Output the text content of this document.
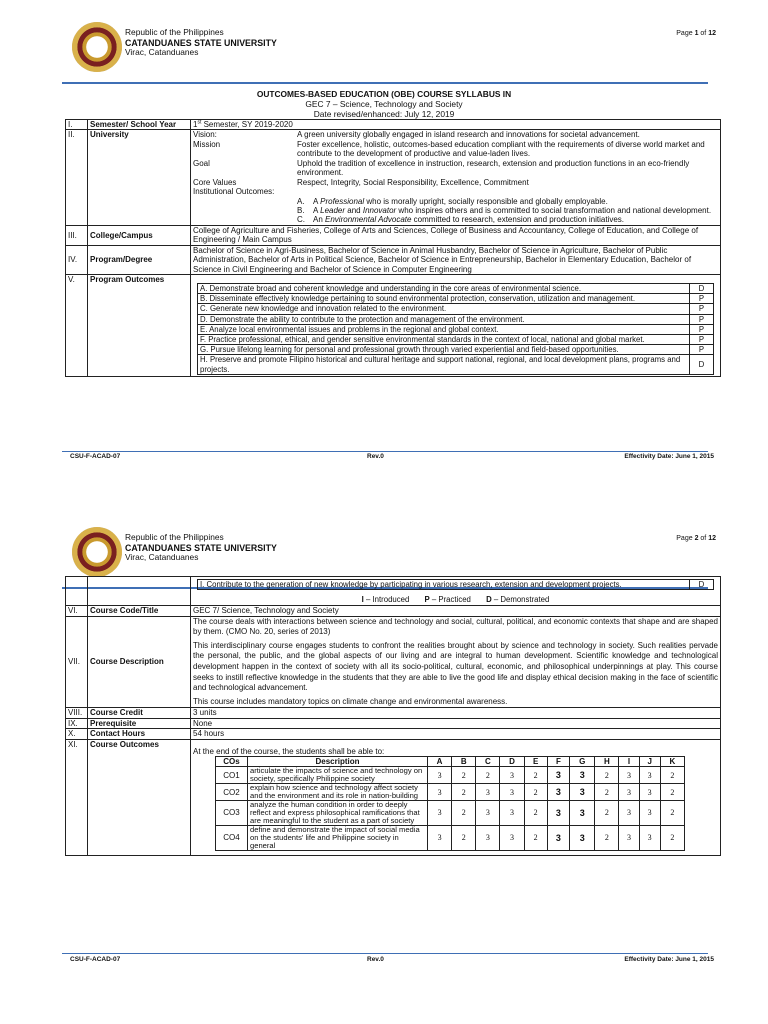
Republic of the Philippines
CATANDUANES STATE UNIVERSITY
Virac, Catanduanes
Page 1 of 12
OUTCOMES-BASED EDUCATION (OBE) COURSE SYLLABUS IN
GEC 7 – Science, Technology and Society
Date revised/enhanced: July 12, 2019
I.	Semester/ School Year	1st Semester, SY 2019-2020
II.	University	Vision:	A green university globally engaged in island research and innovations for societal advancement.
Mission	Foster excellence, holistic, outcomes-based education compliant with the requirements of diverse world market and contribute to the development of productive and value-laden lives.
Goal	Uphold the tradition of excellence in instruction, research, extension and production functions in an eco-friendly environment.
Core Values	Respect, Integrity, Social Responsibility, Excellence, Commitment
Institutional Outcomes:
A.	A Professional who is morally upright, socially responsible and globally employable.
B.	A Leader and Innovator who inspires others and is committed to social transformation and national development.
C.	An Environmental Advocate committed to research, extension and production initiatives.

III.	College/Campus	College of Agriculture and Fisheries, College of Arts and Sciences, College of Business and Accountancy, College of Education, and College of Engineering / Main Campus
IV.	Program/Degree	Bachelor of Science in Agri-Business, Bachelor of Science in Animal Husbandry, Bachelor of Science in Agriculture, Bachelor of Public Administration, Bachelor of Arts in Political Science, Bachelor of Science in Entrepreneurship, Bachelor in Elementary Education, Bachelor of Science in Civil Engineering and Bachelor of Science in Computer Engineering
V.	Program Outcomes	
A. Demonstrate broad and coherent knowledge and understanding in the core areas of environmental science.	D
B. Disseminate effectively knowledge pertaining to sound environmental protection, conservation, utilization and management.	P
C. Generate new knowledge and innovation related to the environment.	P
D. Demonstrate the ability to contribute to the protection and management of the environment.	P
E. Analyze local environmental issues and problems in the regional and global context.	P
F. Practice professional, ethical, and gender sensitive environmental standards in the context of local, national and global market.	P
G. Pursue lifelong learning for personal and professional growth through varied experiential and field-based opportunities.	P
H. Preserve and promote Filipino historical and cultural heritage and support national, regional, and local development plans, programs and projects.	D
CSU-F-ACAD-07	Rev.0	Effectivity Date: June 1, 2015
Republic of the Philippines
CATANDUANES STATE UNIVERSITY
Virac, Catanduanes
Page 2 of 12

I. Contribute to the generation of new knowledge by participating in various research, extension and development projects.	D
I – Introduced P – Practiced D – Demonstrated

VI.	Course Code/Title	GEC 7/ Science, Technology and Society
VII.	Course Description	
The course deals with interactions between science and technology and social, cultural, political, and economic contexts that shape and are shaped by them. (CMO No. 20, series of 2013)
This interdisciplinary course engages students to confront the realities brought about by science and technology in society. Such realities pervade the personal, the public, and the global aspects of our living and are integral to human development. Scientific knowledge and technological development happen in the context of society with all its socio-political, cultural, economic, and philosophical underpinnings at play. This course seeks to instill reflective knowledge in the students that they are able to live the good life and display ethical decision making in the face of scientific and technological advancement.
This course includes mandatory topics on climate change and environmental awareness.

VIII.	Course Credit	3 units
IX.	Prerequisite	None
X.	Contact Hours	54 hours
XI.	Course Outcomes	
At the end of the course, the students shall be able to:
COs	Description	A	B	C	D	E	F	G	H	I	J	K
CO1	articulate the impacts of science and technology on society, specifically Philippine society	3	2	2	3	2	3	3	2	3	3	2
CO2	explain how science and technology affect society and the environment and its role in nation-building	3	2	3	3	2	3	3	2	3	3	2
CO3	analyze the human condition in order to deeply reflect and express philosophical ramifications that are meaningful to the student as a part of society	3	2	3	3	2	3	3	2	3	3	2
CO4	define and demonstrate the impact of social media on the students' life and Philippine society in general	3	2	3	3	2	3	3	2	3	3	2
CSU-F-ACAD-07	Rev.0	Effectivity Date: June 1, 2015
